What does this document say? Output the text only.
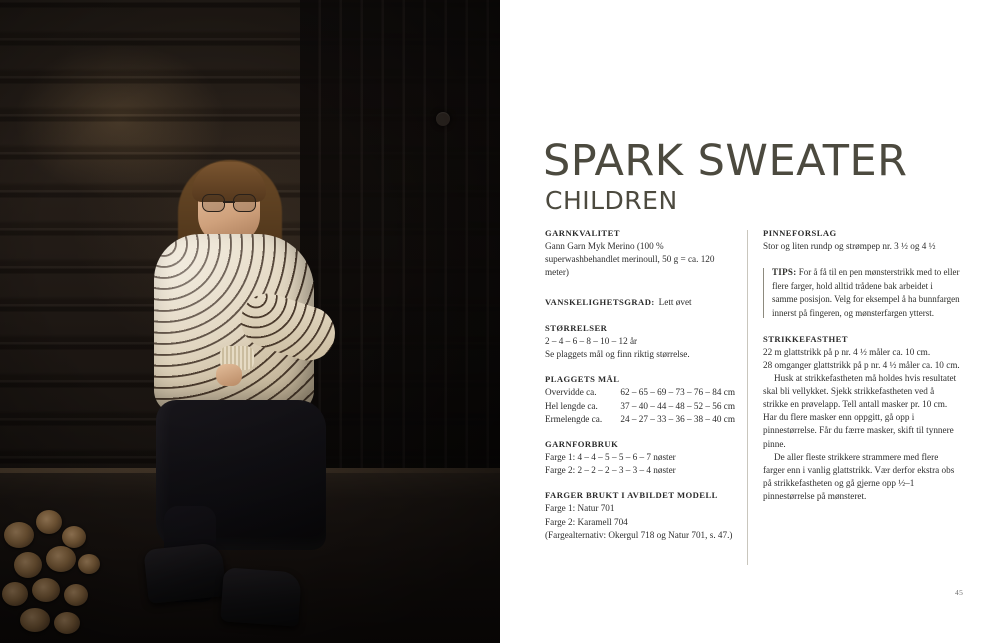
SPARK SWEATER
CHILDREN
GARNKVALITET

Gann Garn Myk Merino (100 % superwashbehandlet merinoull, 50 g = ca. 120 meter)

VANSKELIGHETSGRAD: Lett øvet
STØRRELSER

2 – 4 – 6 – 8 – 10 – 12 år

Se plaggets mål og finn riktig størrelse.

PLAGGETS MÅL
Overvidde ca.	62 – 65 – 69 – 73 – 76 – 84 cm
Hel lengde ca.	37 – 40 – 44 – 48 – 52 – 56 cm
Ermelengde ca.	24 – 27 – 33 – 36 – 38 – 40 cm
GARNFORBRUK

Farge 1: 4 – 4 – 5 – 5 – 6 – 7 nøster

Farge 2: 2 – 2 – 2 – 3 – 3 – 4 nøster

FARGER BRUKT I AVBILDET MODELL

Farge 1: Natur 701

Farge 2: Karamell 704

(Fargealternativ: Okergul 718 og Natur 701, s. 47.)

PINNEFORSLAG

Stor og liten rundp og strømpep nr. 3 ½ og 4 ½

TIPS: For å få til en pen mønsterstrikk med to eller flere farger, hold alltid trådene bak arbeidet i samme posisjon. Velg for eksempel å ha bunnfargen innerst på fingeren, og mønsterfargen ytterst.
STRIKKEFASTHET

22 m glattstrikk på p nr. 4 ½ måler ca. 10 cm.

28 omganger glattstrikk på p nr. 4 ½ måler ca. 10 cm.

Husk at strikkefastheten må holdes hvis resultatet skal bli vellykket. Sjekk strikkefastheten ved å strikke en prøvelapp. Tell antall masker pr. 10 cm. Har du flere masker enn oppgitt, gå opp i pinnestørrelse. Får du færre masker, skift til tynnere pinne.

De aller fleste strikkere strammere med flere farger enn i vanlig glattstrikk. Vær derfor ekstra obs på strikkefastheten og gå gjerne opp ½–1 pinnestørrelse på mønsteret.

45
